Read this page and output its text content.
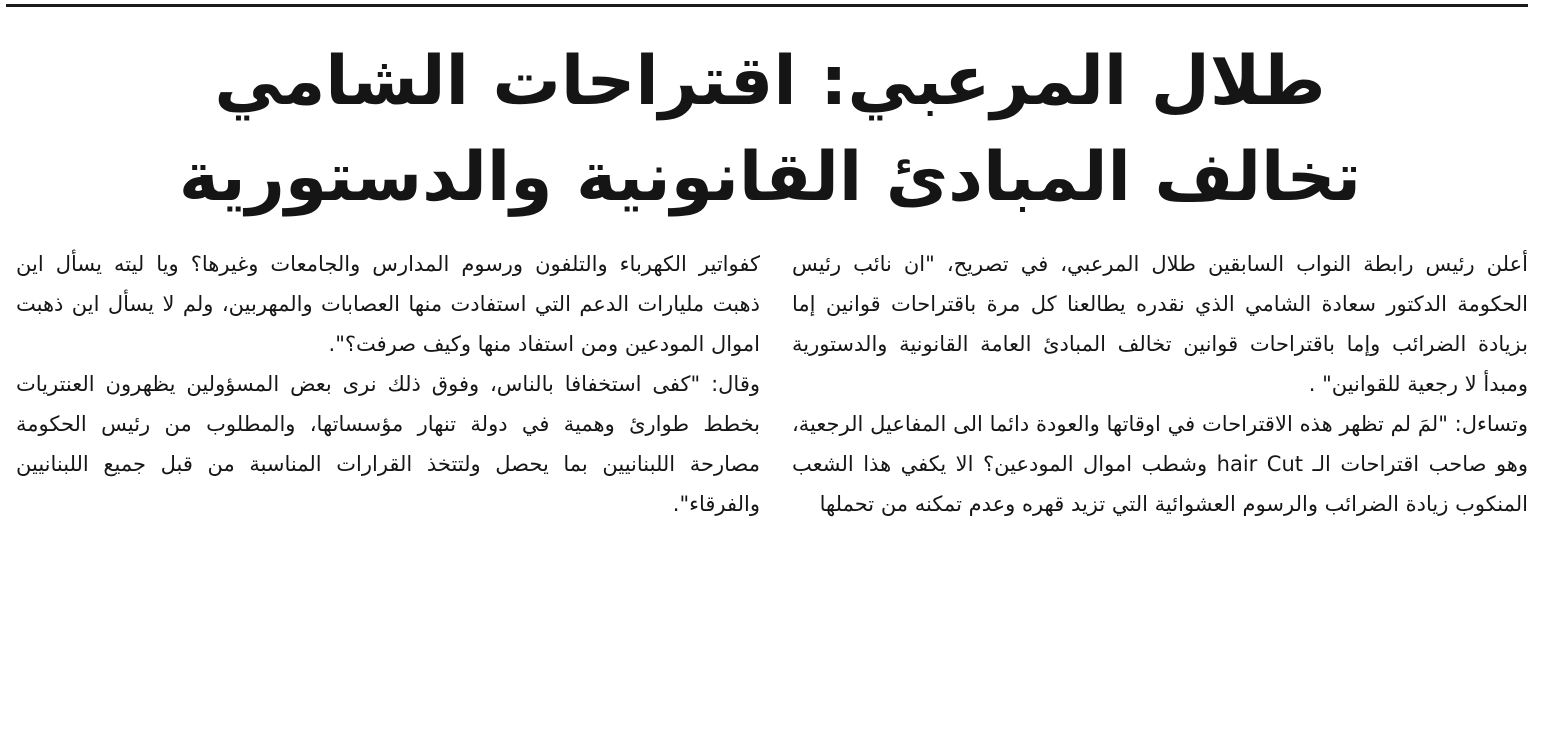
طلال المرعبي: اقتراحات الشامي
تخالف المبادئ القانونية والدستورية

أعلن رئيس رابطة النواب السابقين طلال المرعبي، في تصريح، "ان نائب رئيس الحكومة الدكتور سعادة الشامي الذي نقدره يطالعنا كل مرة باقتراحات قوانين إما بزيادة الضرائب وإما باقتراحات قوانين تخالف المبادئ العامة القانونية والدستورية ومبدأ لا رجعية للقوانين" .

وتساءل: "لمَ لم تظهر هذه الاقتراحات في اوقاتها والعودة دائما الى المفاعيل الرجعية، وهو صاحب اقتراحات الـ hair Cut وشطب اموال المودعين؟ الا يكفي هذا الشعب المنكوب زيادة الضرائب والرسوم العشوائية التي تزيد قهره وعدم تمكنه من تحملها

كفواتير الكهرباء والتلفون ورسوم المدارس والجامعات وغيرها؟ ويا ليته يسأل اين ذهبت مليارات الدعم التي استفادت منها العصابات والمهربين، ولم لا يسأل اين ذهبت اموال المودعين ومن استفاد منها وكيف صرفت؟".

وقال: "كفى استخفافا بالناس، وفوق ذلك نرى بعض المسؤولين يظهرون العنتريات بخطط طوارئ وهمية في دولة تنهار مؤسساتها، والمطلوب من رئيس الحكومة مصارحة اللبنانيين بما يحصل ولتتخذ القرارات المناسبة من قبل جميع اللبنانيين والفرقاء".
